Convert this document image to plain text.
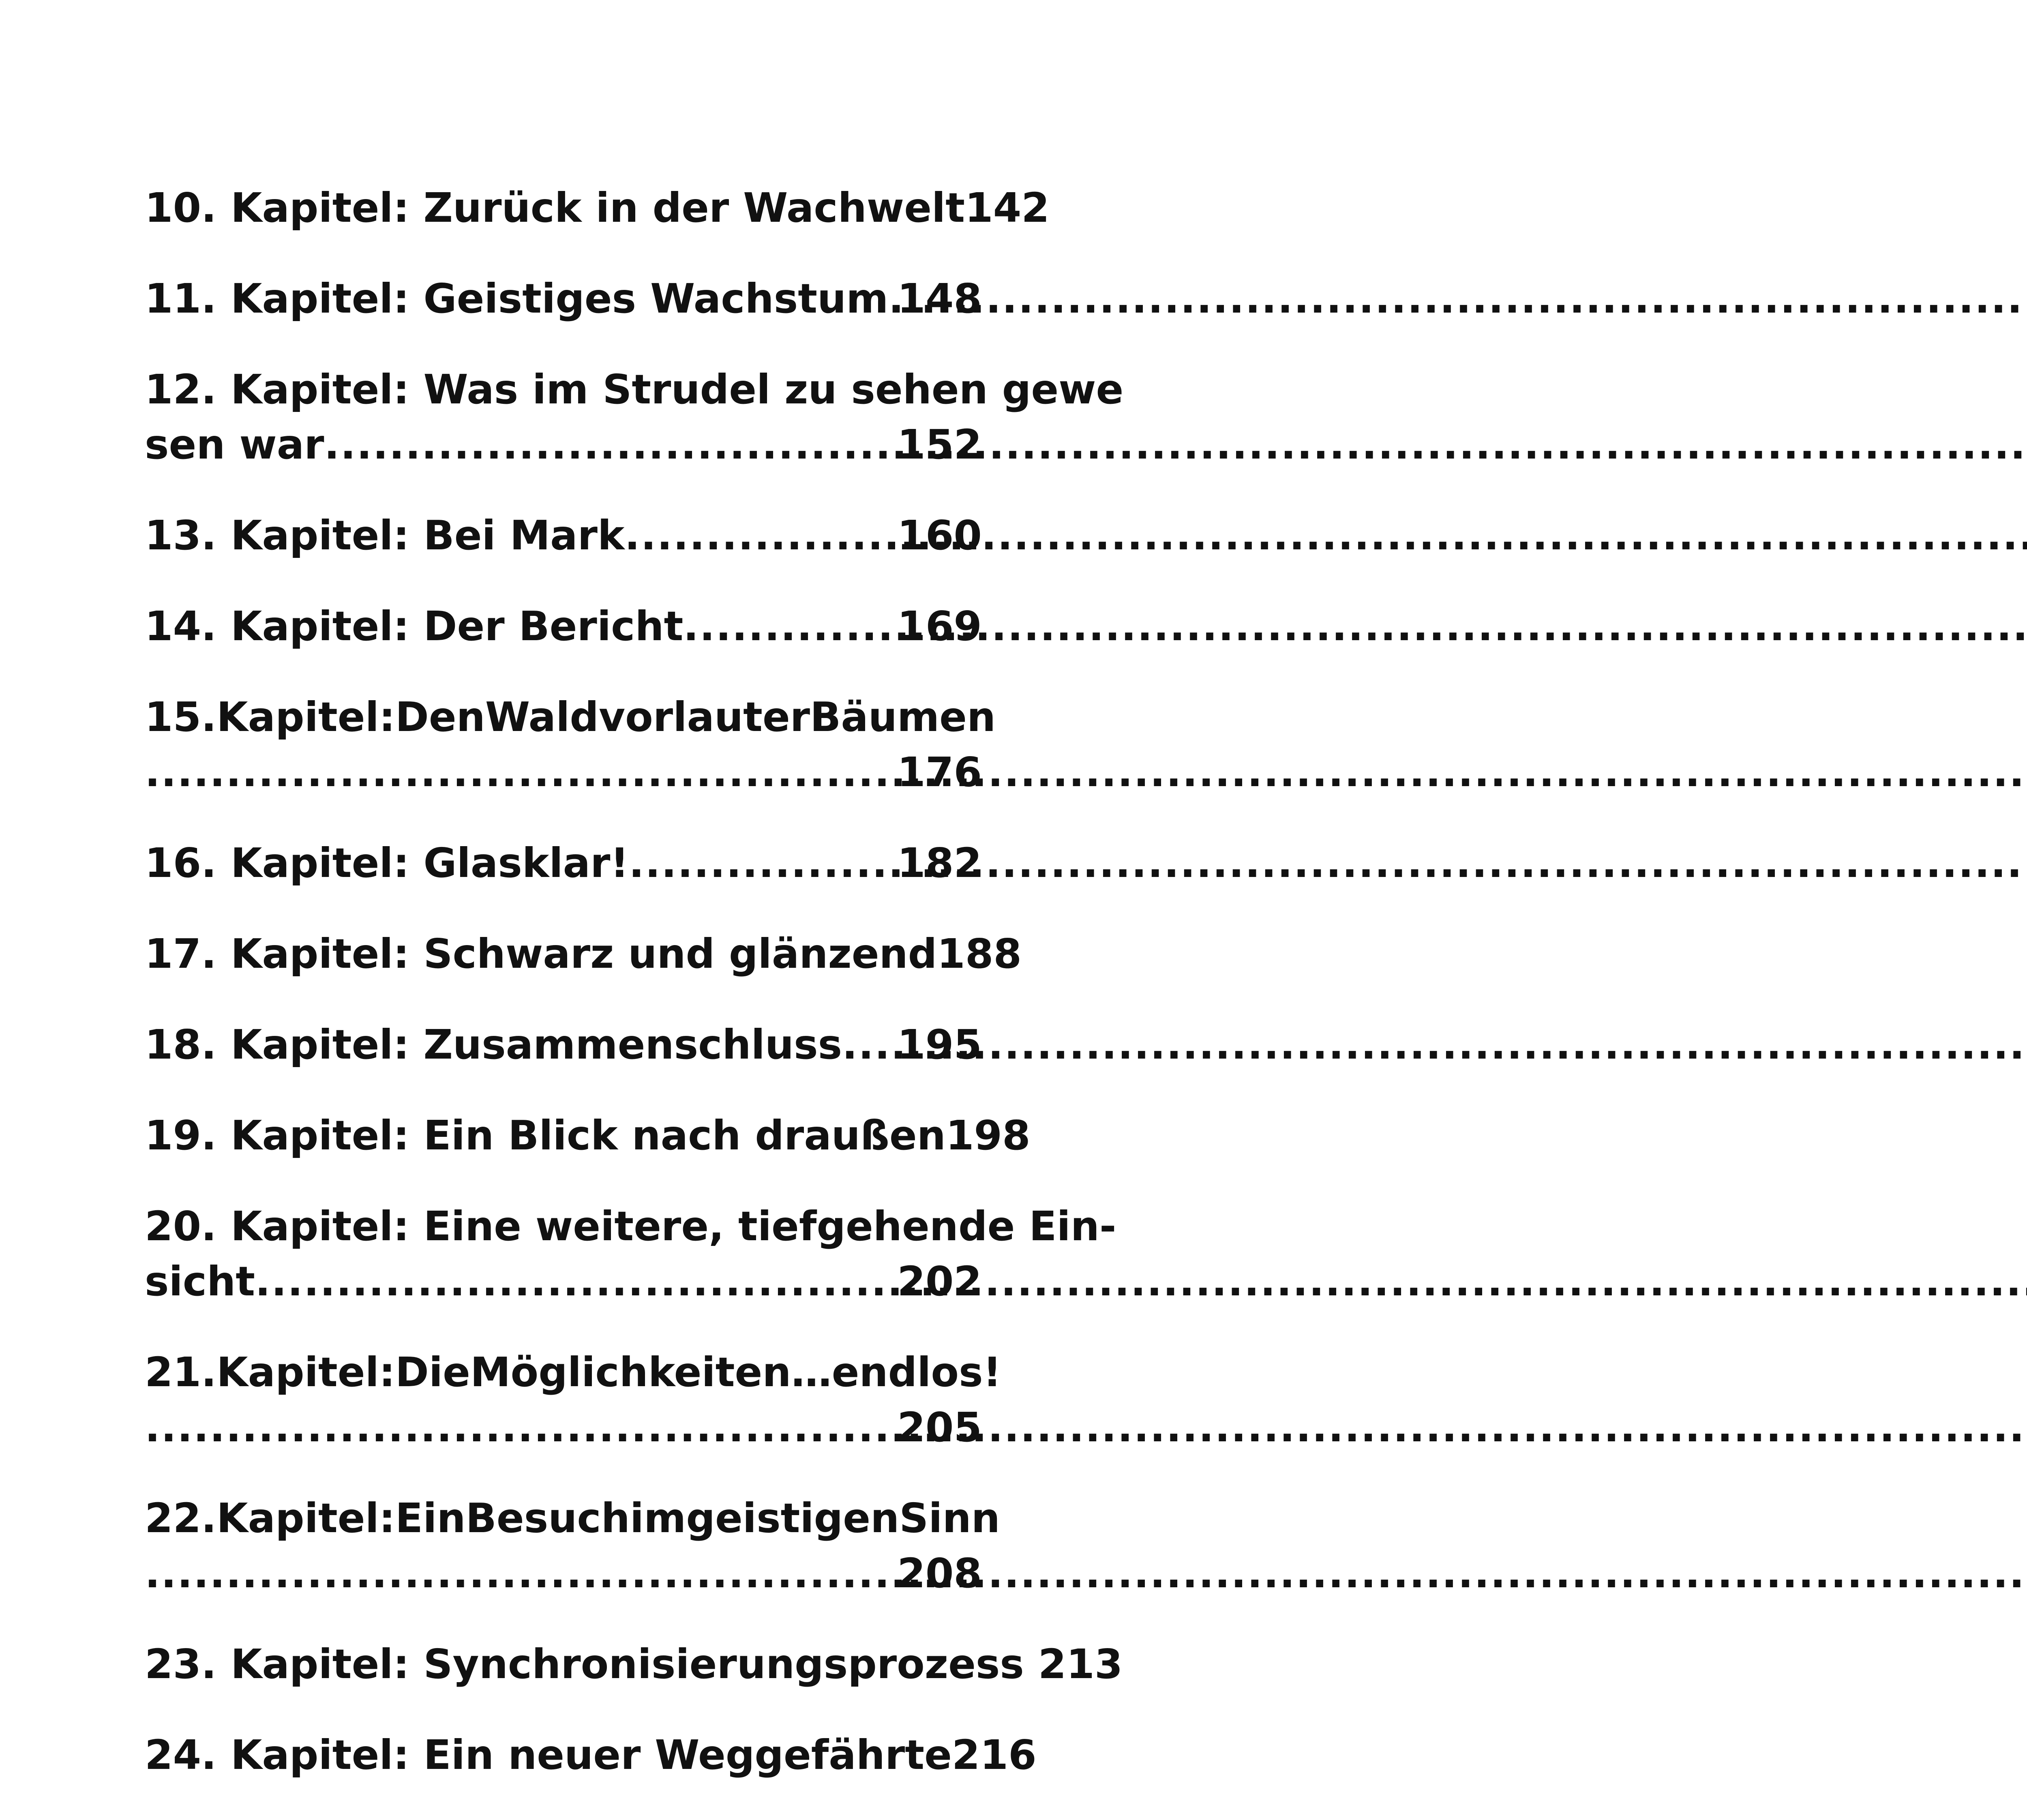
10. Kapitel: Zurück in der Wachwelt 142
11. Kapitel: Geistiges Wachstum ..... 148
12. Kapitel: Was im Strudel zu sehen gewe
sen war .....	152
13. Kapitel: Bei Mark .....	160
14. Kapitel: Der Bericht .....	169
15. Kapitel: Den Wald vor lauter Bäumen
.....
176
16. Kapitel: Glasklar! .....	182
17. Kapitel: Schwarz und glänzend 188
18. Kapitel: Zusammenschluss ..... 195
19. Kapitel: Ein Blick nach draußen 198
20. Kapitel: Eine weitere, tiefgehende Ein-
sicht .....	202
21. Kapitel: Die Möglichkeiten … endlos!
.....
205
22. Kapitel: Ein Besuch im geistigen Sinn
.....
208
23. Kapitel: Synchronisierungsprozess 213
24. Kapitel: Ein neuer Weggefährte 216
